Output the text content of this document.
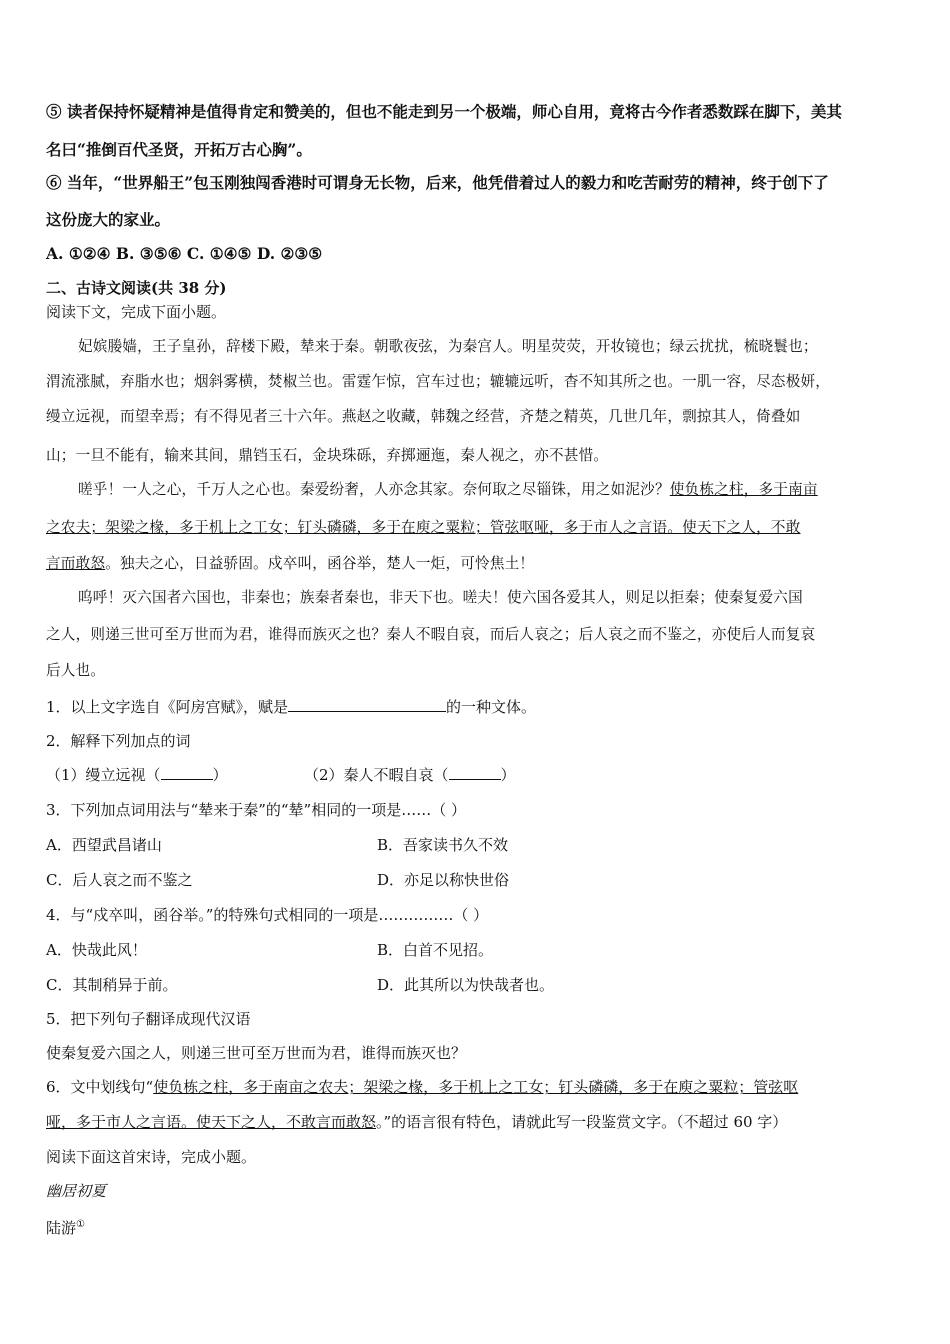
⑤ 读者保持怀疑精神是值得肯定和赞美的，但也不能走到另一个极端，师心自用，竟将古今作者悉数踩在脚下，美其
名曰“推倒百代圣贤，开拓万古心胸”。
⑥ 当年，“世界船王”包玉刚独闯香港时可谓身无长物，后来，他凭借着过人的毅力和吃苦耐劳的精神，终于创下了
这份庞大的家业。
A. ①②④ B. ③⑤⑥ C. ①④⑤ D. ②③⑤
二、古诗文阅读(共 38 分)
阅读下文，完成下面小题。
妃嫔媵嫱，王子皇孙，辞楼下殿，辇来于秦。朝歌夜弦，为秦宫人。明星荧荧，开妆镜也；绿云扰扰，梳晓鬟也；
渭流涨腻，弃脂水也；烟斜雾横，焚椒兰也。雷霆乍惊，宫车过也；辘辘远听，杳不知其所之也。一肌一容，尽态极妍，
缦立远视，而望幸焉；有不得见者三十六年。燕赵之收藏，韩魏之经营，齐楚之精英，几世几年，剽掠其人，倚叠如
山；一旦不能有，输来其间，鼎铛玉石，金块珠砾，弃掷逦迤，秦人视之，亦不甚惜。
嗟乎！一人之心，千万人之心也。秦爱纷奢，人亦念其家。奈何取之尽锱铢，用之如泥沙？使负栋之柱，多于南亩
之农夫；架梁之椽，多于机上之工女；钉头磷磷，多于在庾之粟粒；管弦呕哑，多于市人之言语。使天下之人，不敢
言而敢怒。独夫之心，日益骄固。戍卒叫，函谷举，楚人一炬，可怜焦土！
呜呼！灭六国者六国也，非秦也；族秦者秦也，非天下也。嗟夫！使六国各爱其人，则足以拒秦；使秦复爱六国
之人，则递三世可至万世而为君，谁得而族灭之也？秦人不暇自哀，而后人哀之；后人哀之而不鉴之，亦使后人而复哀
后人也。
1．以上文字选自《阿房宫赋》，赋是	的一种文体。
2．解释下列加点的词
（1）缦立远视（	）	（2）秦人不暇自哀（	）
3．下列加点词用法与“辇来于秦”的“辇”相同的一项是……（ ）
A．西望武昌诸山	B．吾家读书久不效
C．后人哀之而不鉴之	D．亦足以称快世俗
4．与“戍卒叫，函谷举。”的特殊句式相同的一项是……………（ ）
A．快哉此风！	B．白首不见招。
C．其制稍异于前。	D．此其所以为快哉者也。
5．把下列句子翻译成现代汉语
使秦复爱六国之人，则递三世可至万世而为君，谁得而族灭也？
6．文中划线句“使负栋之柱，多于南亩之农夫；架梁之椽，多于机上之工女；钉头磷磷，多于在庾之粟粒；管弦呕
哑，多于市人之言语。使天下之人，不敢言而敢怒。”的语言很有特色，请就此写一段鉴赏文字。（不超过 60 字）
阅读下面这首宋诗，完成小题。
幽居初夏
陆游①
